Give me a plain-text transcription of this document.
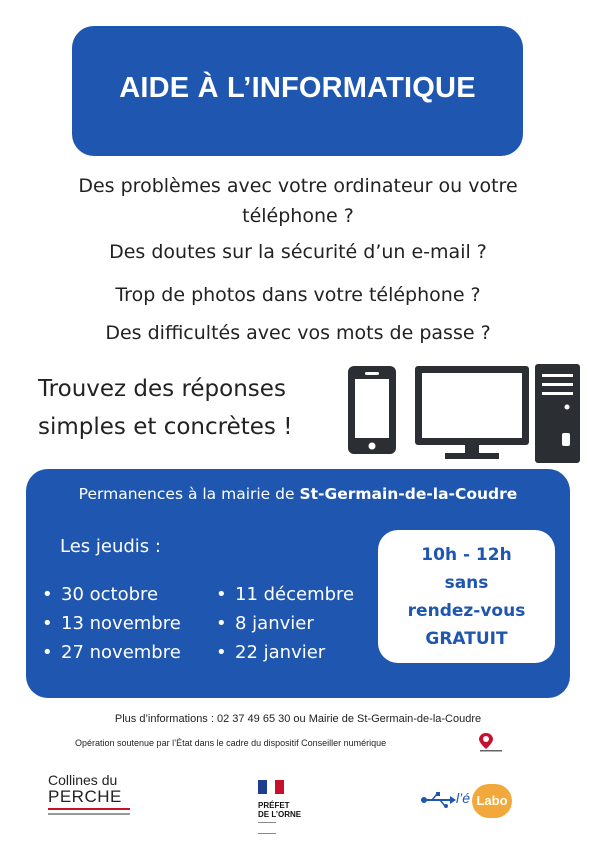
AIDE À L’INFORMATIQUE
Des problèmes avec votre ordinateur ou votre
téléphone ?
Des doutes sur la sécurité d’un e-mail ?
Trop de photos dans votre téléphone ?
Des difficultés avec vos mots de passe ?
Trouvez des réponses
simples et concrètes !
Permanences à la mairie de St-Germain-de-la-Coudre
Les jeudis :
• 30 octobre
• 13 novembre
• 27 novembre
• 11 décembre
• 8 janvier
• 22 janvier
10h - 12h
sans
rendez-vous
GRATUIT
Plus d’informations : 02 37 49 65 30 ou Mairie de St-Germain-de-la-Coudre
Opération soutenue par l’État dans le cadre du dispositif Conseiller numérique
Collines du
PERCHE	PRÉFET
DE L’ORNE
l’é Labo
